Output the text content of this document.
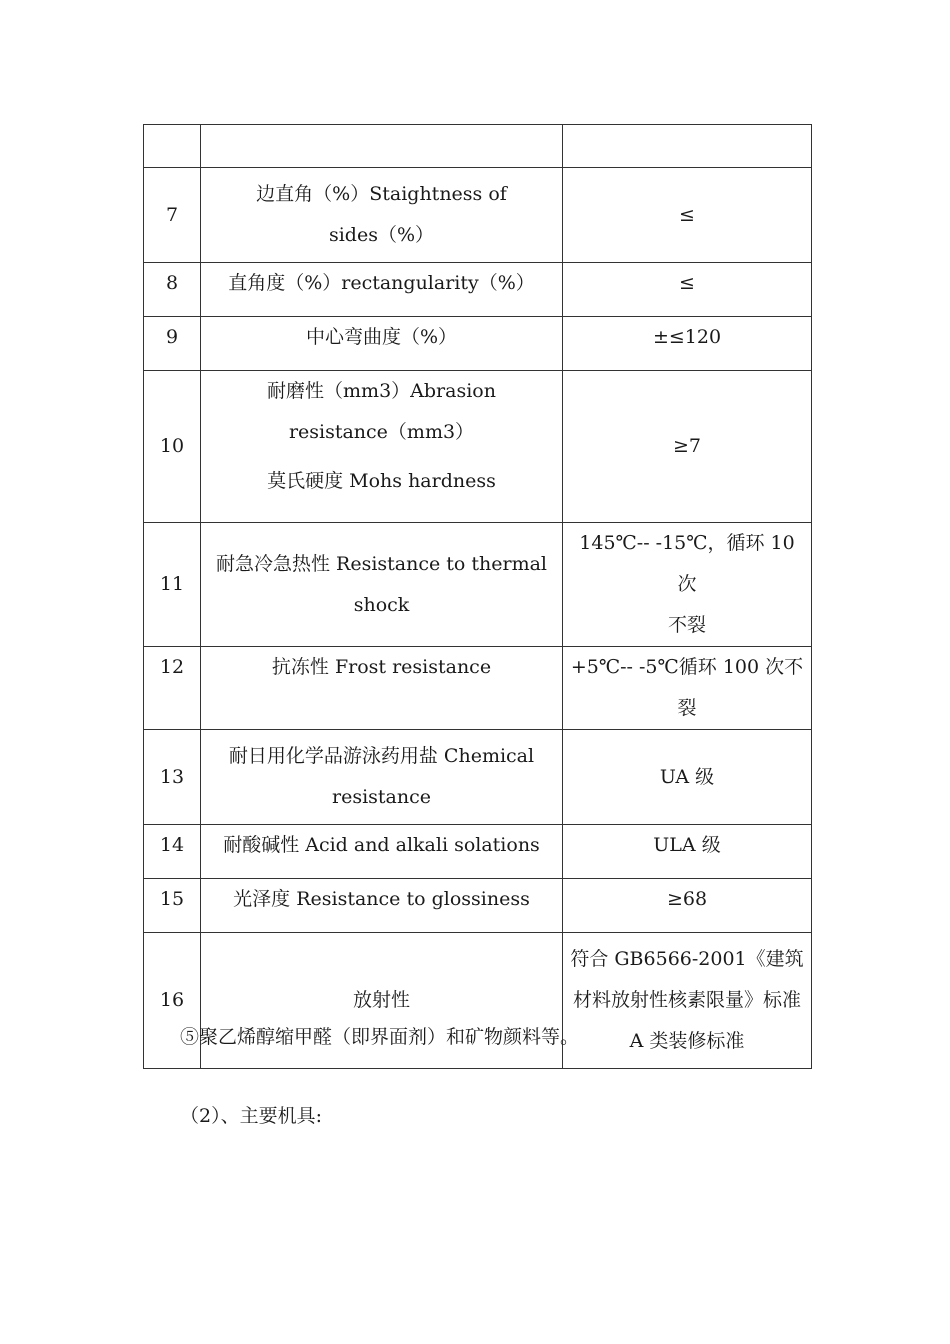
7	边直角（%）Staightness of
sides（%）	≤

8	直角度（%）rectangularity（%）	≤

9	中心弯曲度（%）	±≤120

10	耐磨性（mm3）Abrasion
resistance（mm3）
莫氏硬度 Mohs hardness	≥7

11	耐急冷急热性 Resistance to thermal
shock	145℃-- -15℃，循环 10 次
不裂

12	抗冻性 Frost resistance	+5℃-- -5℃循环 100 次不裂

13	耐日用化学品游泳药用盐 Chemical
resistance	UA 级

14	耐酸碱性 Acid and alkali solations	ULA 级

15	光泽度 Resistance to glossiness	≥68

16	放射性	符合 GB6566-2001《建筑
材料放射性核素限量》标准
A 类装修标准

⑤聚乙烯醇缩甲醛（即界面剂）和矿物颜料等。

（2）、主要机具:
